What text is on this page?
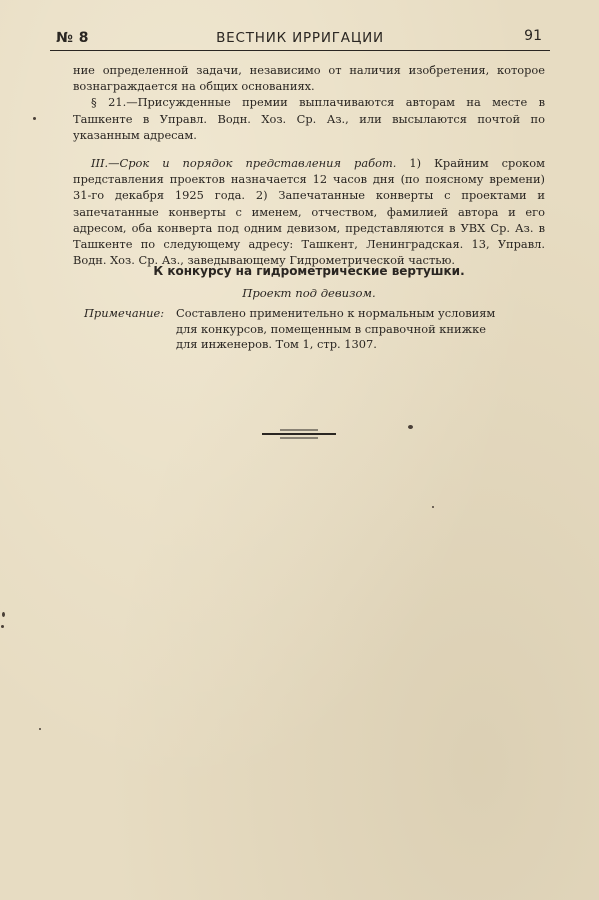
№ 8	ВЕСТНИК ИРРИГАЦИИ	91

ние определенной задачи, независимо от наличия изобретения, которое вознаграждается на общих основаниях.

§ 21.—Присужденные премии выплачиваются авторам на месте в Ташкенте в Управл. Водн. Хоз. Ср. Аз., или высылаются почтой по указанным адресам.

III.—Срок и порядок представления работ. 1) Крайним сроком представления проектов назначается 12 часов дня (по поясному времени) 31-го декабря 1925 года. 2) Запечатанные конверты с проектами и запечатанные конверты с именем, отчеством, фамилией автора и его адресом, оба конверта под одним девизом, представляются в УВХ Ср. Аз. в Ташкенте по следующему адресу: Ташкент, Ленинградская. 13, Управл. Водн. Хоз. Ср. Аз., заведывающему Гидрометрической частью.

К конкурсу на гидрометрические вертушки.
Проект под девизом.
Примечание: Составлено применительно к нормальным условиям
для конкурсов, помещенным в справочной книжке
для инженеров. Том 1, стр. 1307.
